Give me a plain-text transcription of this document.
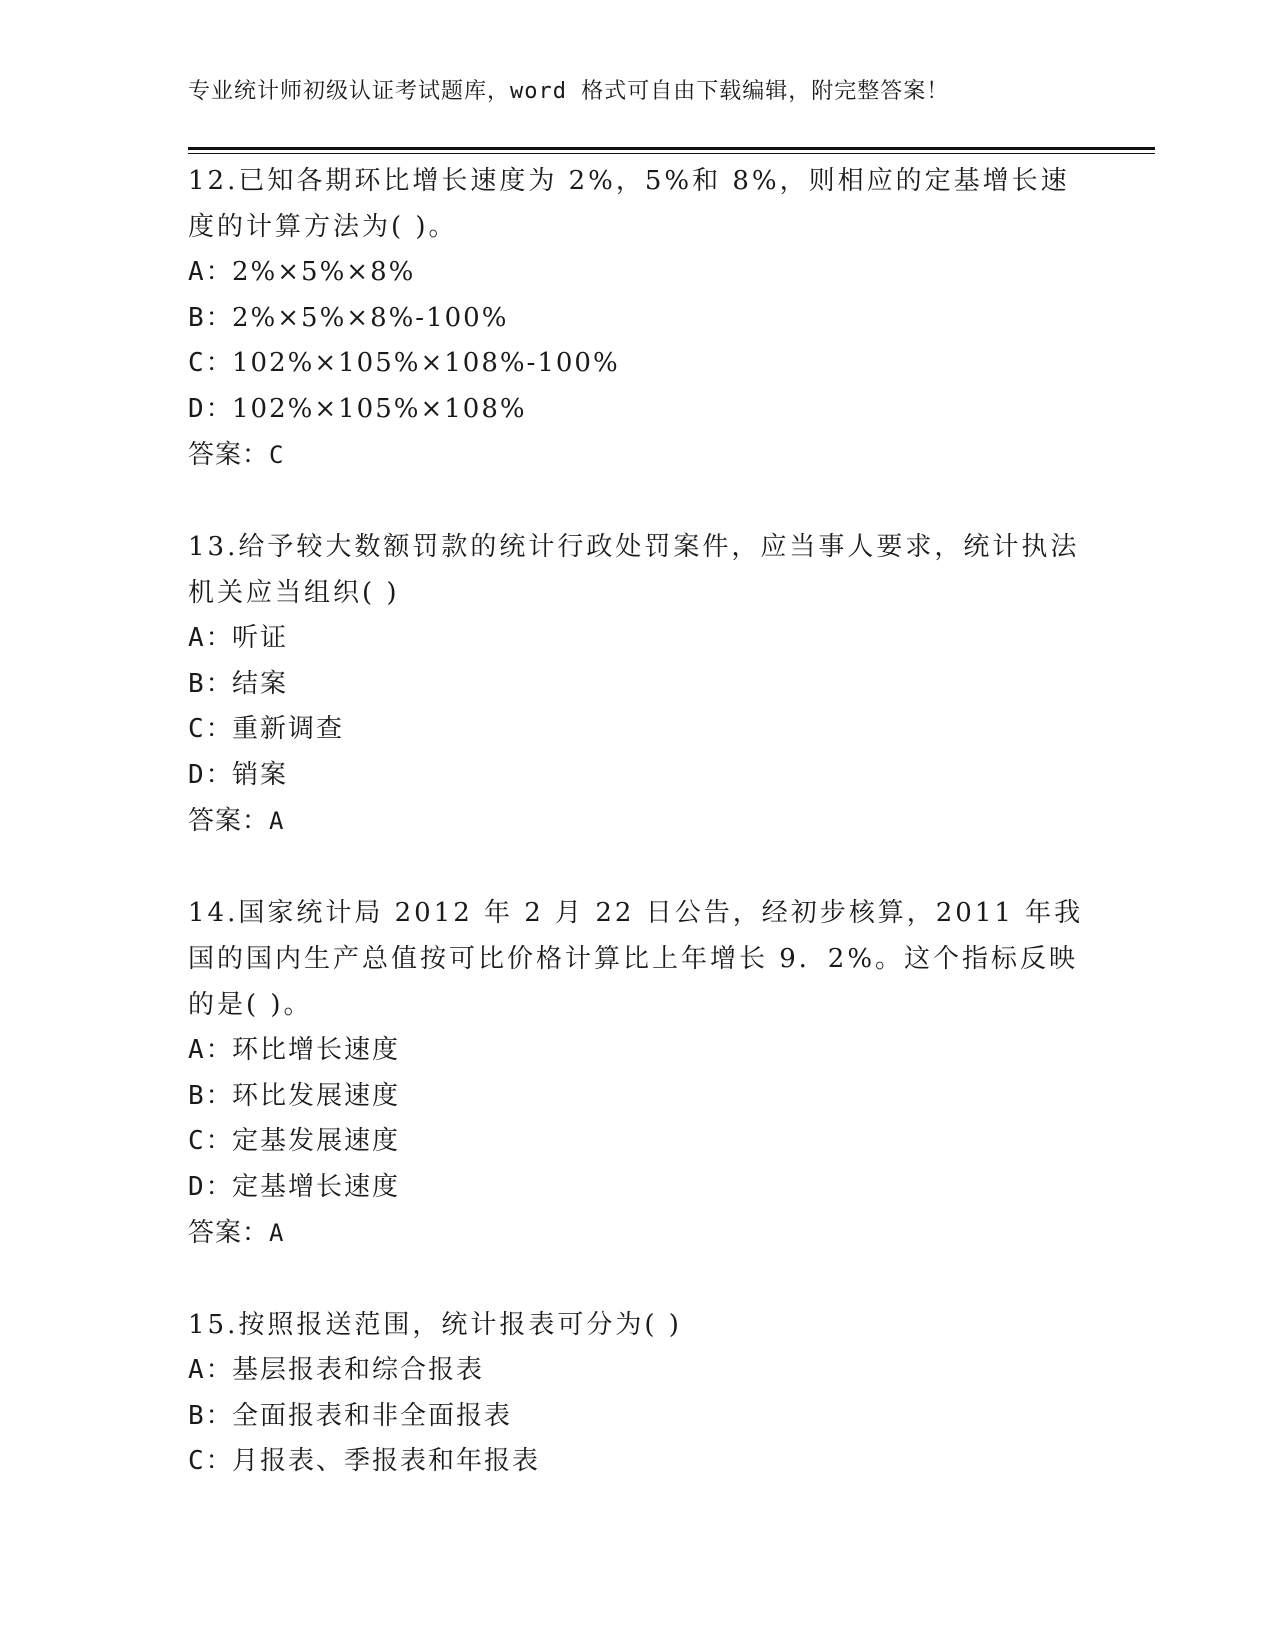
专业统计师初级认证考试题库，word 格式可自由下载编辑，附完整答案！
12.已知各期环比增长速度为 2%，5%和 8%，则相应的定基增长速度的计算方法为( )。
A：2%×5%×8%
B：2%×5%×8%-100%
C：102%×105%×108%-100%
D：102%×105%×108%
答案：C
13.给予较大数额罚款的统计行政处罚案件，应当事人要求，统计执法机关应当组织( )
A：听证
B：结案
C：重新调查
D：销案
答案：A
14.国家统计局 2012 年 2 月 22 日公告，经初步核算，2011 年我国的国内生产总值按可比价格计算比上年增长 9．2%。这个指标反映的是( )。
A：环比增长速度
B：环比发展速度
C：定基发展速度
D：定基增长速度
答案：A
15.按照报送范围，统计报表可分为( )
A：基层报表和综合报表
B：全面报表和非全面报表
C：月报表、季报表和年报表
